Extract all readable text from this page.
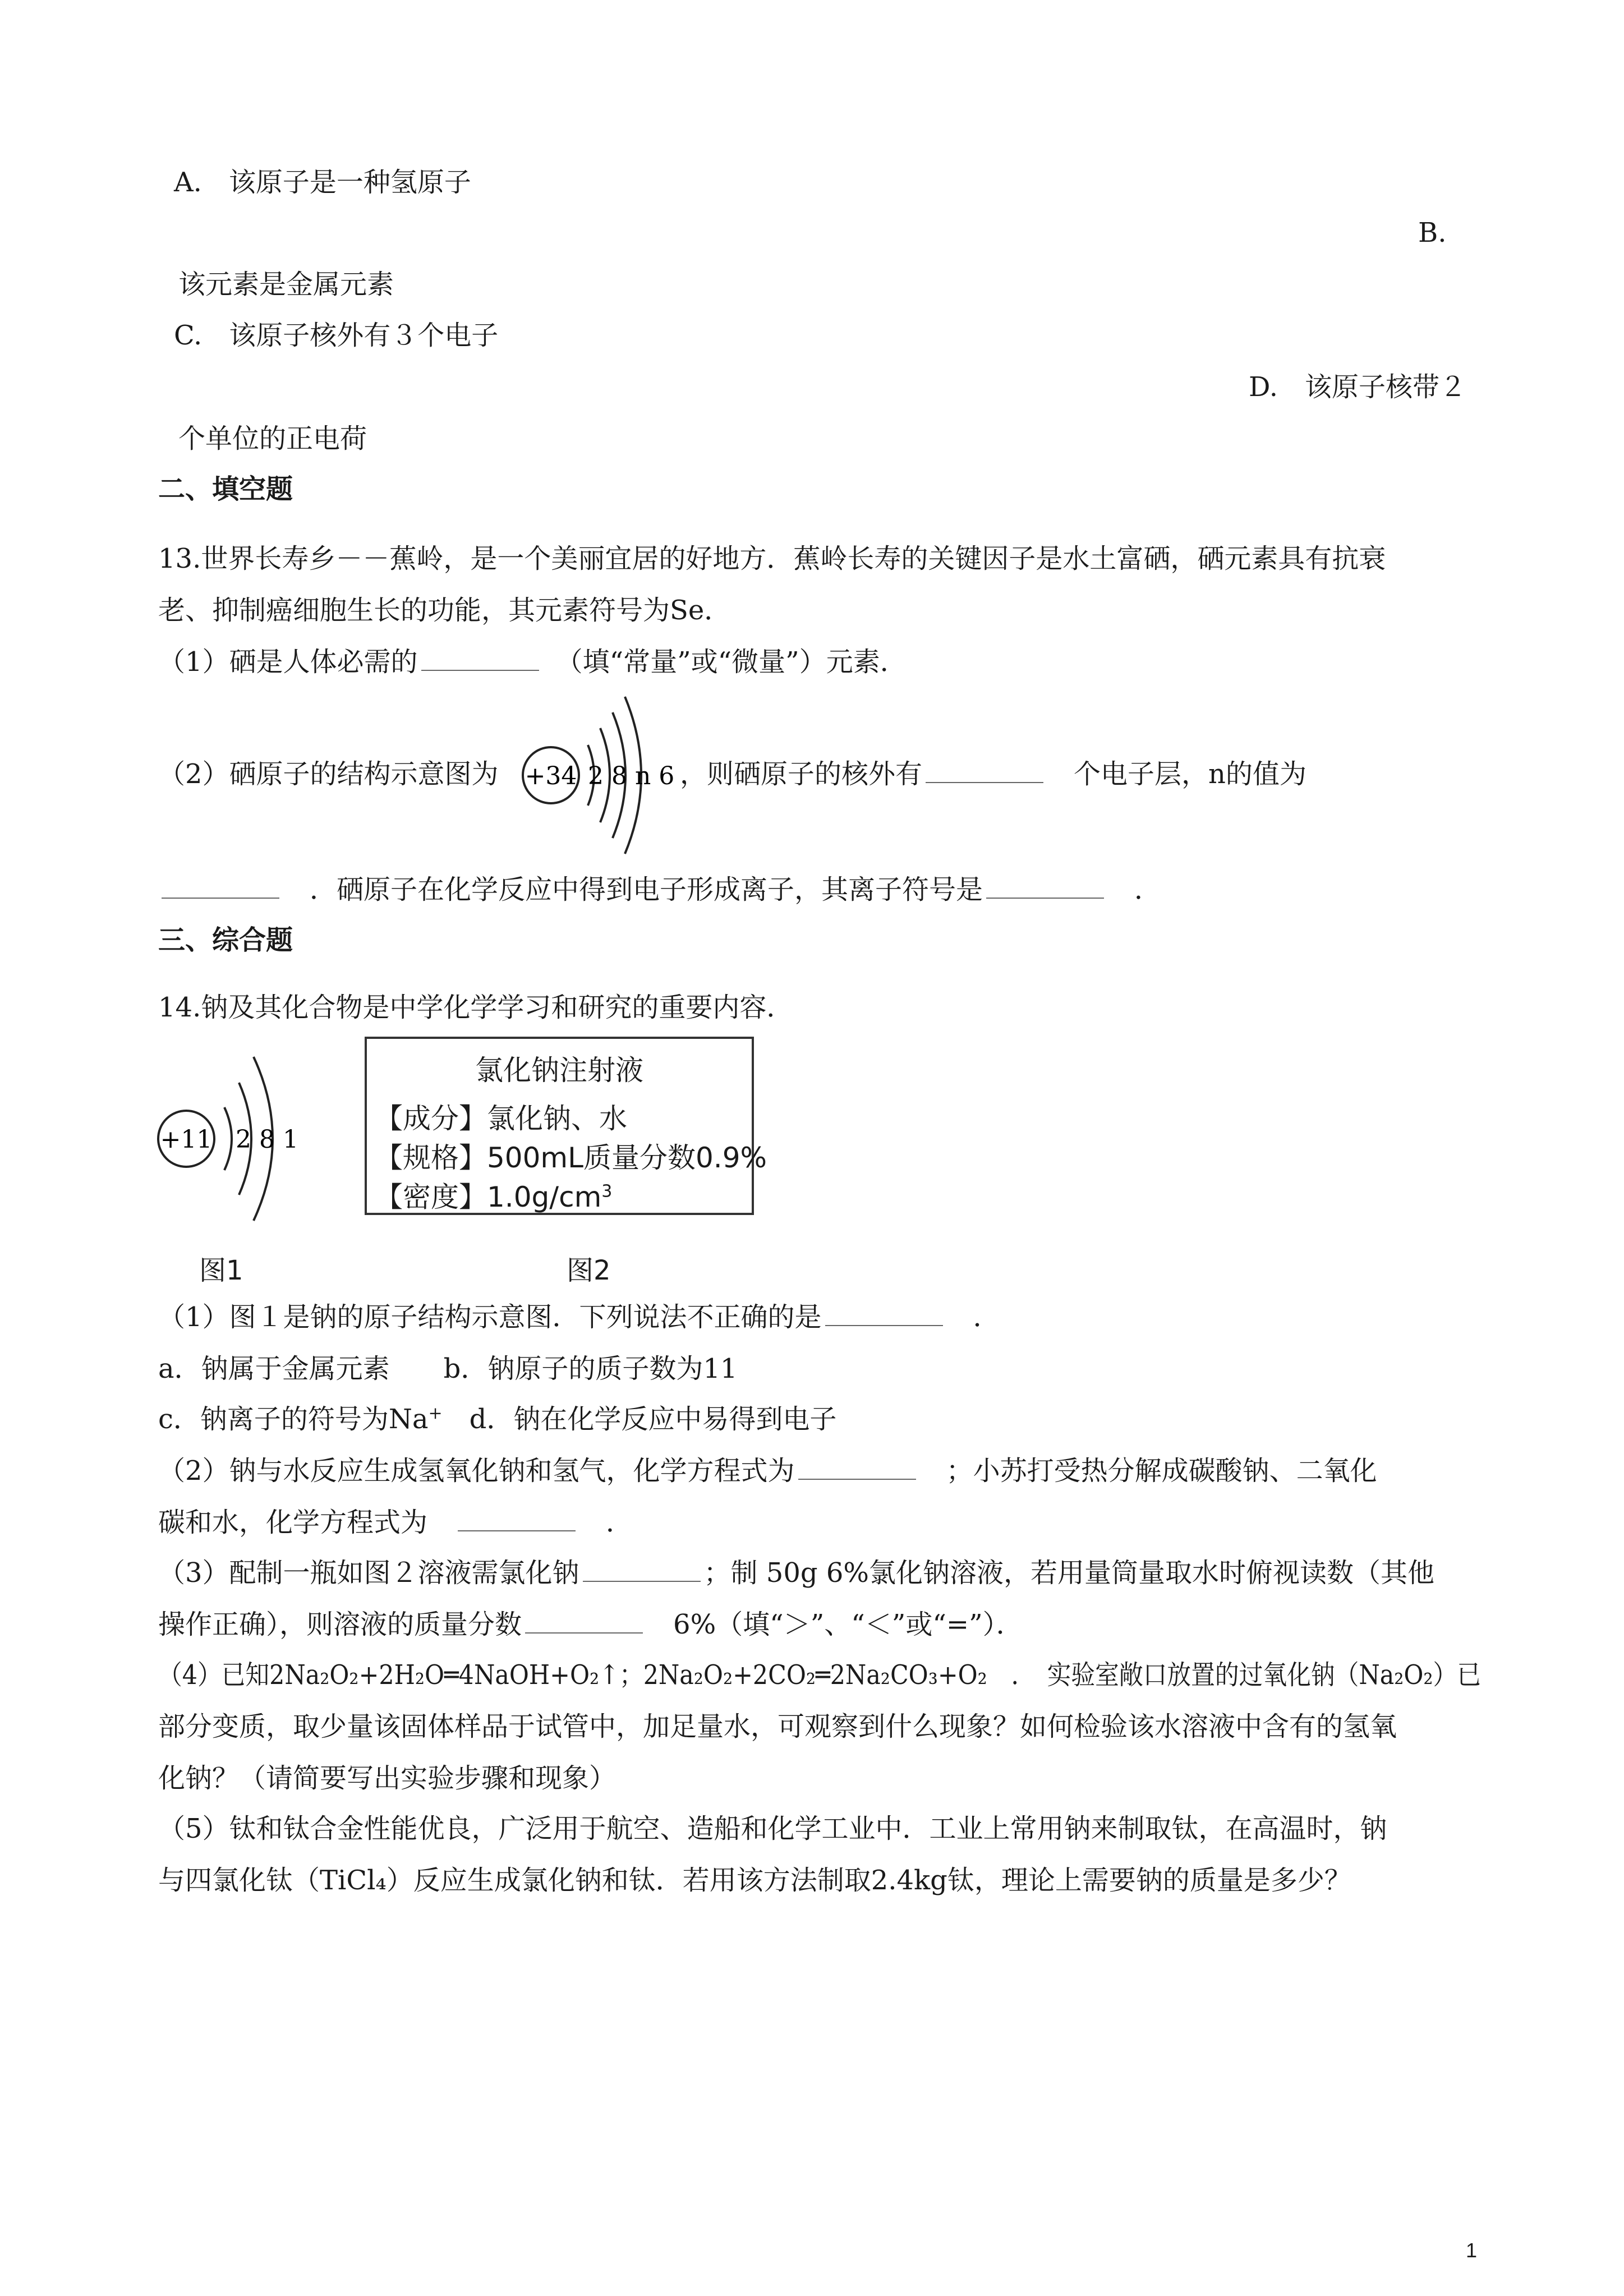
A.　该原子是一种氢原子
B.
该元素是金属元素
C.　该原子核外有３个电子
D.　该原子核带２
个单位的正电荷
二、填空题
13.世界长寿乡－－蕉岭，是一个美丽宜居的好地方．蕉岭长寿的关键因子是水土富硒，硒元素具有抗衰
老、抑制癌细胞生长的功能，其元素符号为Se．
（1）硒是人体必需的　	（填“常量”或“微量”）元素．
（2）硒原子的结构示意图为 +34 2 8 n 6 ，则硒原子的核外有　	个电子层，n的值为
　．硒原子在化学反应中得到电子形成离子，其离子符号是　	．
三、综合题
14.钠及其化合物是中学化学学习和研究的重要内容．
+11 2 8 1
氯化钠注射液
【成分】氯化钠、水
【规格】500mL质量分数0.9%
【密度】$1.0g/cm^3$
图1	图2
（1）图１是钠的原子结构示意图．下列说法不正确的是　	．
a．钠属于金属元素　　b．钠原子的质子数为11
c．钠离子的符号为Na+　d．钠在化学反应中易得到电子
（2）钠与水反应生成氢氧化钠和氢气，化学方程式为　	；小苏打受热分解成碳酸钠、二氧化
碳和水，化学方程式为　　	．
（3）配制一瓶如图２溶液需氯化钠	；制 50g 6%氯化钠溶液，若用量筒量取水时俯视读数（其他
操作正确），则溶液的质量分数　	6%（填“＞”、“＜”或“=”）．
（4）已知2Na₂O₂+2H₂O═4NaOH+O₂↑；2Na₂O₂+2CO₂═2Na₂CO₃+O₂　．　实验室敞口放置的过氧化钠（Na₂O₂）已
部分变质，取少量该固体样品于试管中，加足量水，可观察到什么现象？如何检验该水溶液中含有的氢氧
化钠？（请简要写出实验步骤和现象）
（5）钛和钛合金性能优良，广泛用于航空、造船和化学工业中．工业上常用钠来制取钛，在高温时，钠
与四氯化钛（TiCl₄）反应生成氯化钠和钛．若用该方法制取2.4kg钛，理论上需要钠的质量是多少？
1
